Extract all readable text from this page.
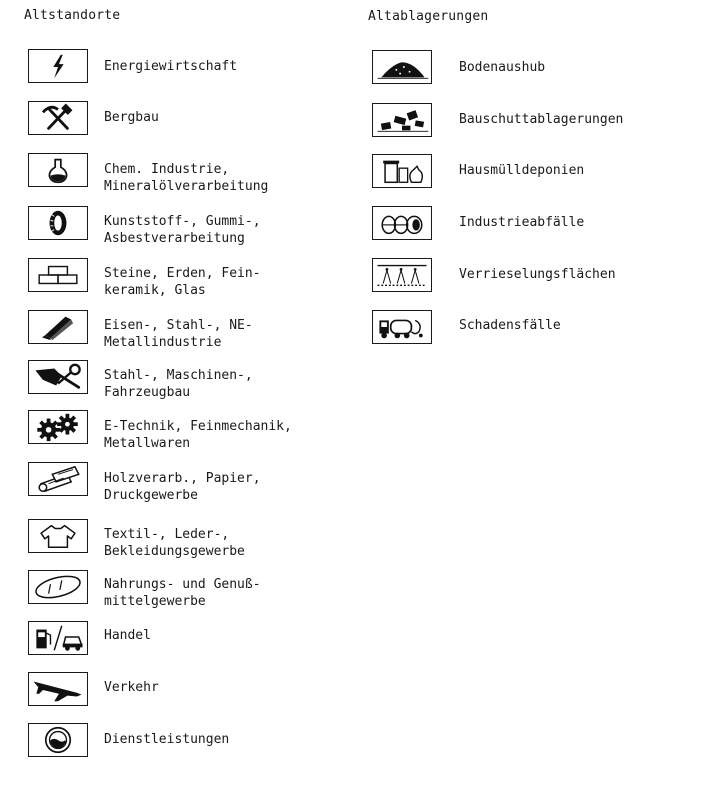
Altstandorte	Altablagerungen
Energiewirtschaft
Bergbau
Chem. Industrie,
Mineralölverarbeitung
Kunststoff-, Gummi-,
Asbestverarbeitung
Steine, Erden, Fein-
keramik, Glas
Eisen-, Stahl-, NE-
Metallindustrie
Stahl-, Maschinen-,
Fahrzeugbau
E-Technik, Feinmechanik,
Metallwaren
Holzverarb., Papier,
Druckgewerbe
Textil-, Leder-,
Bekleidungsgewerbe
Nahrungs- und Genuß-
mittelgewerbe
Handel
Verkehr
Dienstleistungen
Bodenaushub
Bauschuttablagerungen
Hausmülldeponien
Industrieabfälle
Verrieselungsflächen
Schadensfälle
